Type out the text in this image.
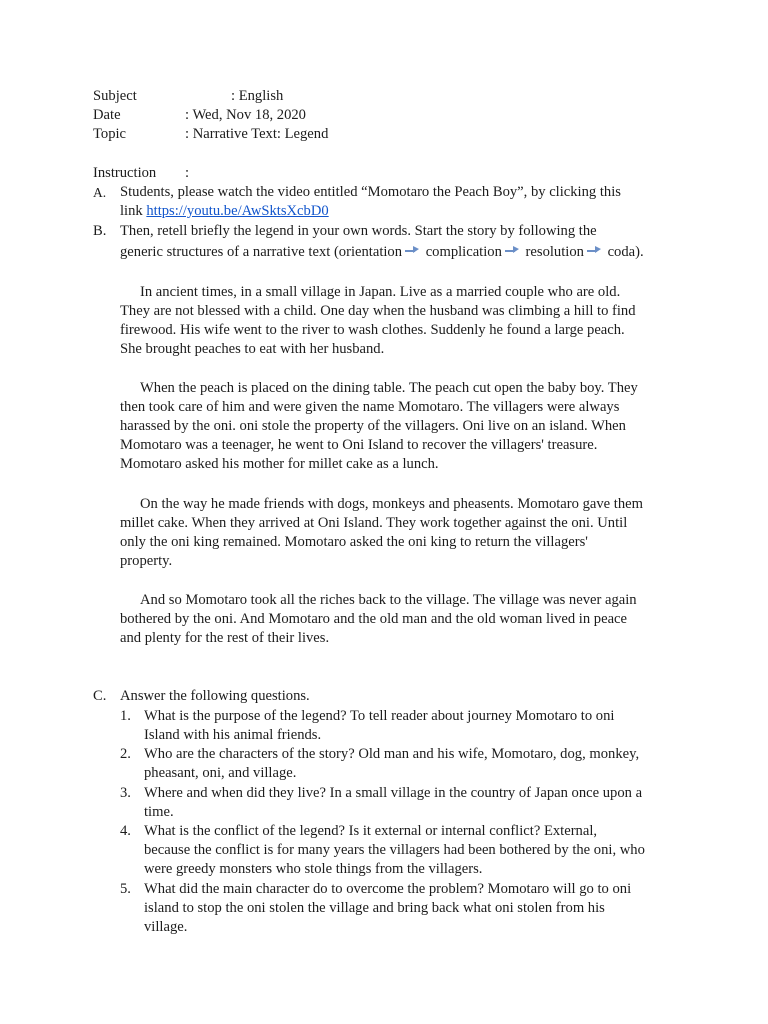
Subject	: English
Date	: Wed, Nov 18, 2020
Topic	: Narrative Text: Legend
Instruction :
A. Students, please watch the video entitled “Momotaro the Peach Boy”, by clicking this
link https://youtu.be/AwSktsXcbD0
B. Then, retell briefly the legend in your own words. Start the story by following the
generic structures of a narrative text (orientation complication resolution coda).
In ancient times, in a small village in Japan. Live as a married couple who are old.
They are not blessed with a child. One day when the husband was climbing a hill to find
firewood. His wife went to the river to wash clothes. Suddenly he found a large peach.
She brought peaches to eat with her husband.
When the peach is placed on the dining table. The peach cut open the baby boy. They
then took care of him and were given the name Momotaro. The villagers were always
harassed by the oni. oni stole the property of the villagers. Oni live on an island. When
Momotaro was a teenager, he went to Oni Island to recover the villagers' treasure.
Momotaro asked his mother for millet cake as a lunch.
On the way he made friends with dogs, monkeys and pheasents. Momotaro gave them
millet cake. When they arrived at Oni Island. They work together against the oni. Until
only the oni king remained. Momotaro asked the oni king to return the villagers'
property.
And so Momotaro took all the riches back to the village. The village was never again
bothered by the oni. And Momotaro and the old man and the old woman lived in peace
and plenty for the rest of their lives.
C. Answer the following questions.
1. What is the purpose of the legend? To tell reader about journey Momotaro to oni
Island with his animal friends.
2. Who are the characters of the story? Old man and his wife, Momotaro, dog, monkey,
pheasant, oni, and village.
3. Where and when did they live? In a small village in the country of Japan once upon a
time.
4. What is the conflict of the legend? Is it external or internal conflict? External,
because the conflict is for many years the villagers had been bothered by the oni, who
were greedy monsters who stole things from the villagers.
5. What did the main character do to overcome the problem? Momotaro will go to oni
island to stop the oni stolen the village and bring back what oni stolen from his
village.
